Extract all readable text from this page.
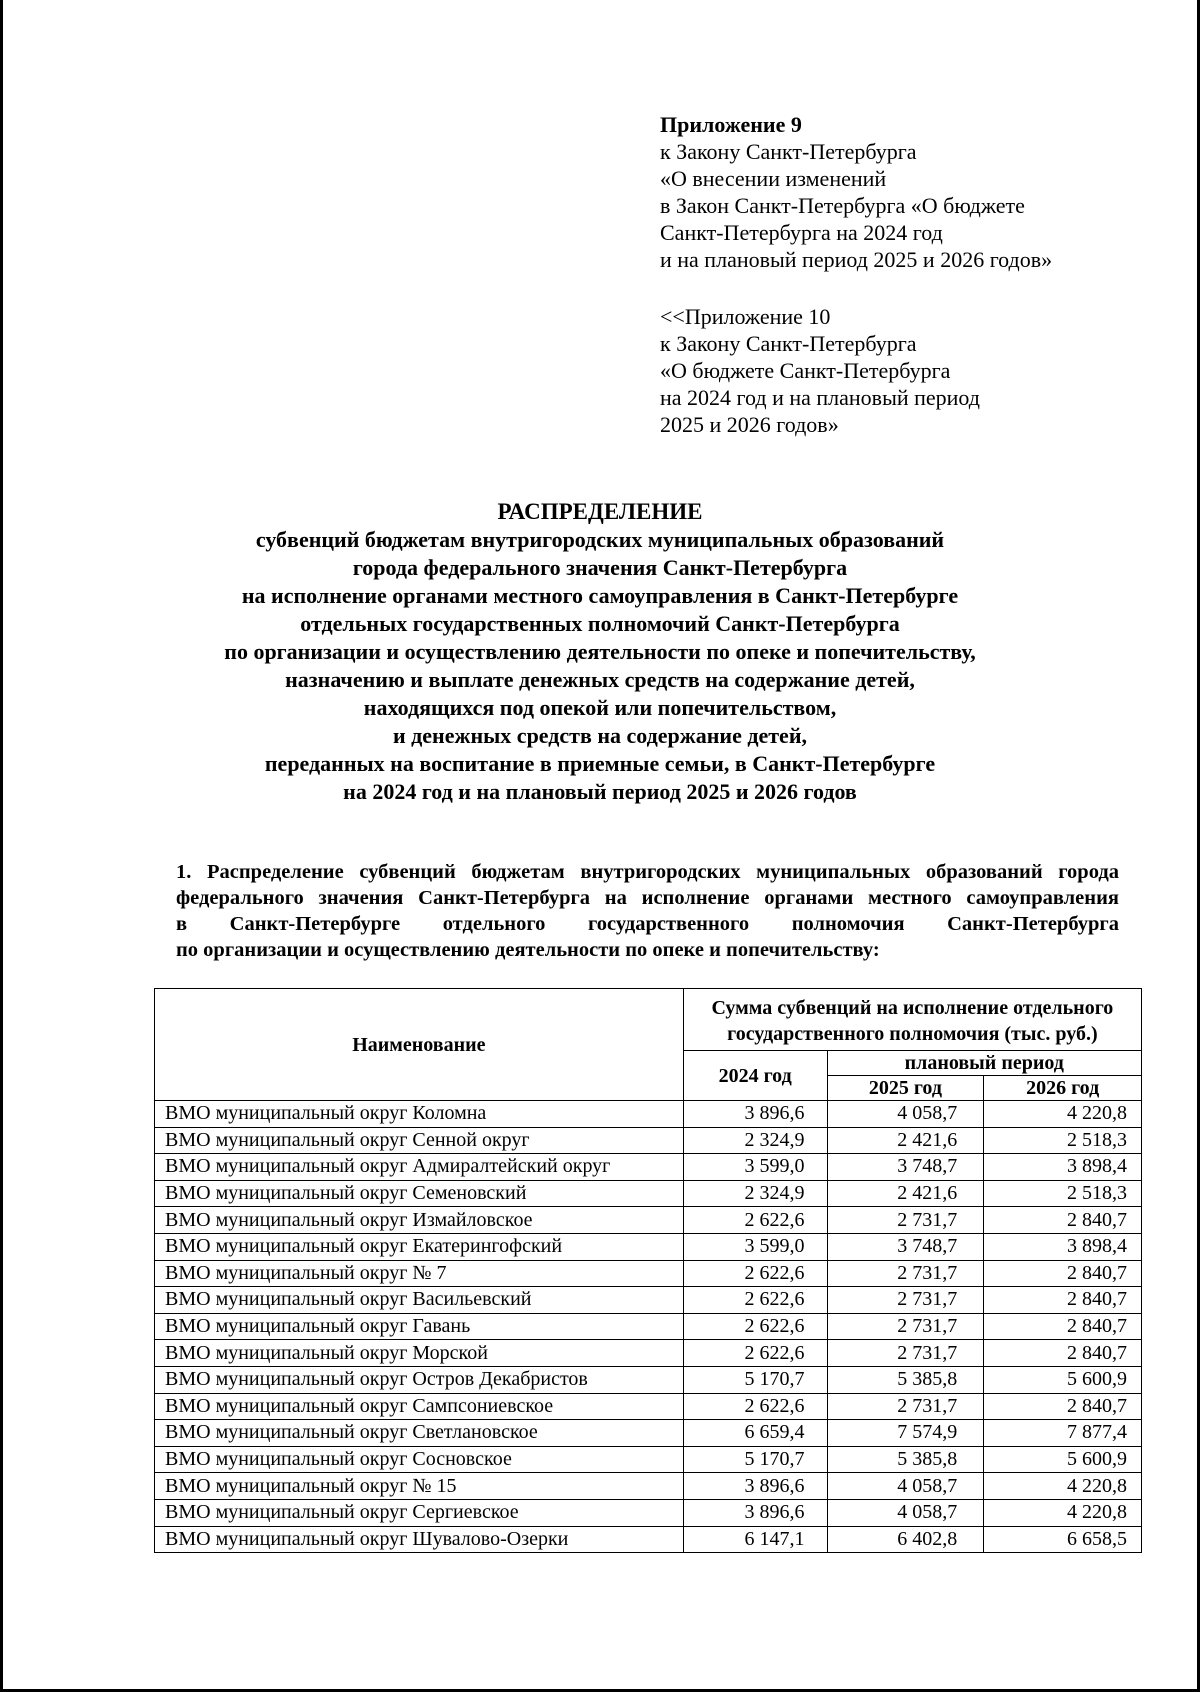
Приложение 9
к Закону Санкт-Петербурга
«О внесении изменений
в Закон Санкт-Петербурга «О бюджете
Санкт-Петербурга на 2024 год
и на плановый период 2025 и 2026 годов»
<<Приложение 10
к Закону Санкт-Петербурга
«О бюджете Санкт-Петербурга
на 2024 год и на плановый период
2025 и 2026 годов»
РАСПРЕДЕЛЕНИЕ
субвенций бюджетам внутригородских муниципальных образований
города федерального значения Санкт-Петербурга
на исполнение органами местного самоуправления в Санкт-Петербурге
отдельных государственных полномочий Санкт-Петербурга
по организации и осуществлению деятельности по опеке и попечительству,
назначению и выплате денежных средств на содержание детей,
находящихся под опекой или попечительством,
и денежных средств на содержание детей,
переданных на воспитание в приемные семьи, в Санкт-Петербурге
на 2024 год и на плановый период 2025 и 2026 годов
1. Распределение субвенций бюджетам внутригородских муниципальных образований города
федерального значения Санкт-Петербурга на исполнение органами местного самоуправления
в Санкт-Петербурге отдельного государственного полномочия Санкт-Петербурга
по организации и осуществлению деятельности по опеке и попечительству:
Наименование	Сумма субвенций на исполнение отдельного государственного полномочия (тыс. руб.)		
	2024 год	плановый период	
		2025 год	2026 год
ВМО муниципальный округ Коломна	3 896,6	4 058,7	4 220,8
ВМО муниципальный округ Сенной округ	2 324,9	2 421,6	2 518,3
ВМО муниципальный округ Адмиралтейский округ	3 599,0	3 748,7	3 898,4
ВМО муниципальный округ Семеновский	2 324,9	2 421,6	2 518,3
ВМО муниципальный округ Измайловское	2 622,6	2 731,7	2 840,7
ВМО муниципальный округ Екатерингофский	3 599,0	3 748,7	3 898,4
ВМО муниципальный округ № 7	2 622,6	2 731,7	2 840,7
ВМО муниципальный округ Васильевский	2 622,6	2 731,7	2 840,7
ВМО муниципальный округ Гавань	2 622,6	2 731,7	2 840,7
ВМО муниципальный округ Морской	2 622,6	2 731,7	2 840,7
ВМО муниципальный округ Остров Декабристов	5 170,7	5 385,8	5 600,9
ВМО муниципальный округ Сампсониевское	2 622,6	2 731,7	2 840,7
ВМО муниципальный округ Светлановское	6 659,4	7 574,9	7 877,4
ВМО муниципальный округ Сосновское	5 170,7	5 385,8	5 600,9
ВМО муниципальный округ № 15	3 896,6	4 058,7	4 220,8
ВМО муниципальный округ Сергиевское	3 896,6	4 058,7	4 220,8
ВМО муниципальный округ Шувалово-Озерки	6 147,1	6 402,8	6 658,5
